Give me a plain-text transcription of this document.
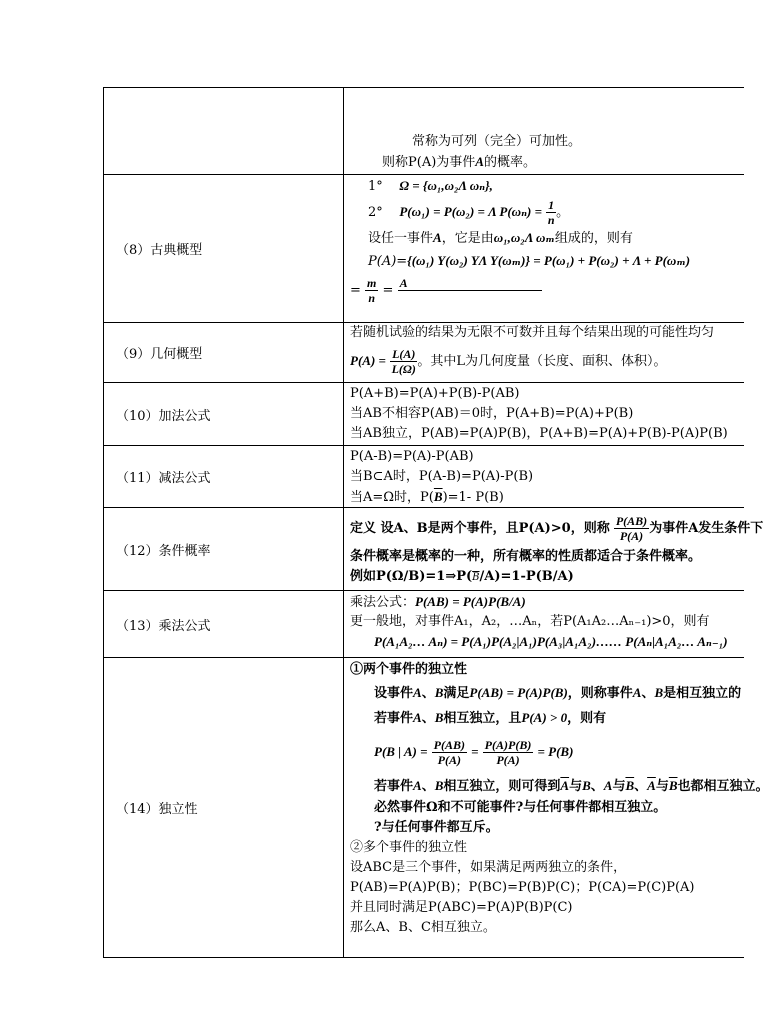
常称为可列（完全）可加性。
则称P(A)为事件A的概率。
（8）古典概型
1° Ω = {ω₁,ω₂Λ ωₙ},
2° P(ω₁) = P(ω₂) = Λ $P(\omega_n) = \frac{1}{n}$ 。
设任一事件A，它是由ω₁,ω₂Λ ωₘ组成的，则有
P(A)={(ω₁) Y(ω₂) YΛ Y(ωₘ)} = P(ω₁) + P(ω₂) + Λ + P(ωₘ)
= $\frac{m}{n} = A$

（9）几何概型
若随机试验的结果为无限不可数并且每个结果出现的可能性均匀
$P(A) = \frac{L(A)}{L(\Omega)}$ 。其中L为几何度量（长度、面积、体积）。
（10）加法公式
P(A+B)=P(A)+P(B)-P(AB)
当AB不相容P(AB)＝0时，P(A+B)=P(A)+P(B)
当AB独立，P(AB)=P(A)P(B)，P(A+B)=P(A)+P(B)-P(A)P(B)
（11）减法公式
P(A-B)=P(A)-P(AB)
当B⊂A时，P(A-B)=P(A)-P(B)
当A=Ω时，$P(\overline{B})=1-$ P(B)
（12）条件概率
定义 设A、B是两个事件，且P(A)>0，则称 $\frac{P(AB)}{P(A)}$ 为事件A发生条件下
条件概率是概率的一种，所有概率的性质都适合于条件概率。
例如$P(\Omega/B)=1\Rightarrow P(\overline{B}/A)=1-P(B/A)$
（13）乘法公式
乘法公式：P(AB) = P(A)P(B/A)
更一般地，对事件A₁，A₂，…Aₙ，若P(A₁A₂…Aₙ₋₁)>0，则有
P(A₁A₂… Aₙ) = P(A₁)P(A₂|A₁)P(A₃|A₁A₂)…… P(Aₙ|A₁A₂… Aₙ₋₁)
（14）独立性
①两个事件的独立性
设事件A、B满足P(AB) = P(A)P(B)，则称事件A、B是相互独立的
若事件A、B相互独立，且P(A) > 0，则有
P(B | $A) = \frac{P(AB)}{P(A)} = \frac{P(A)P(B)}{P(A)} = P(B)$
若事件A、B相互独立，则可得到$\overline{A}$与B、A与$\overline{B}$、$\overline{A}$与$\overline{B}$也都相互独立。
必然事件Ω和不可能事件?与任何事件都相互独立。
?与任何事件都互斥。
②多个事件的独立性
设ABC是三个事件，如果满足两两独立的条件，
P(AB)=P(A)P(B)；P(BC)=P(B)P(C)；P(CA)=P(C)P(A)
并且同时满足P(ABC)=P(A)P(B)P(C)
那么A、B、C相互独立。
